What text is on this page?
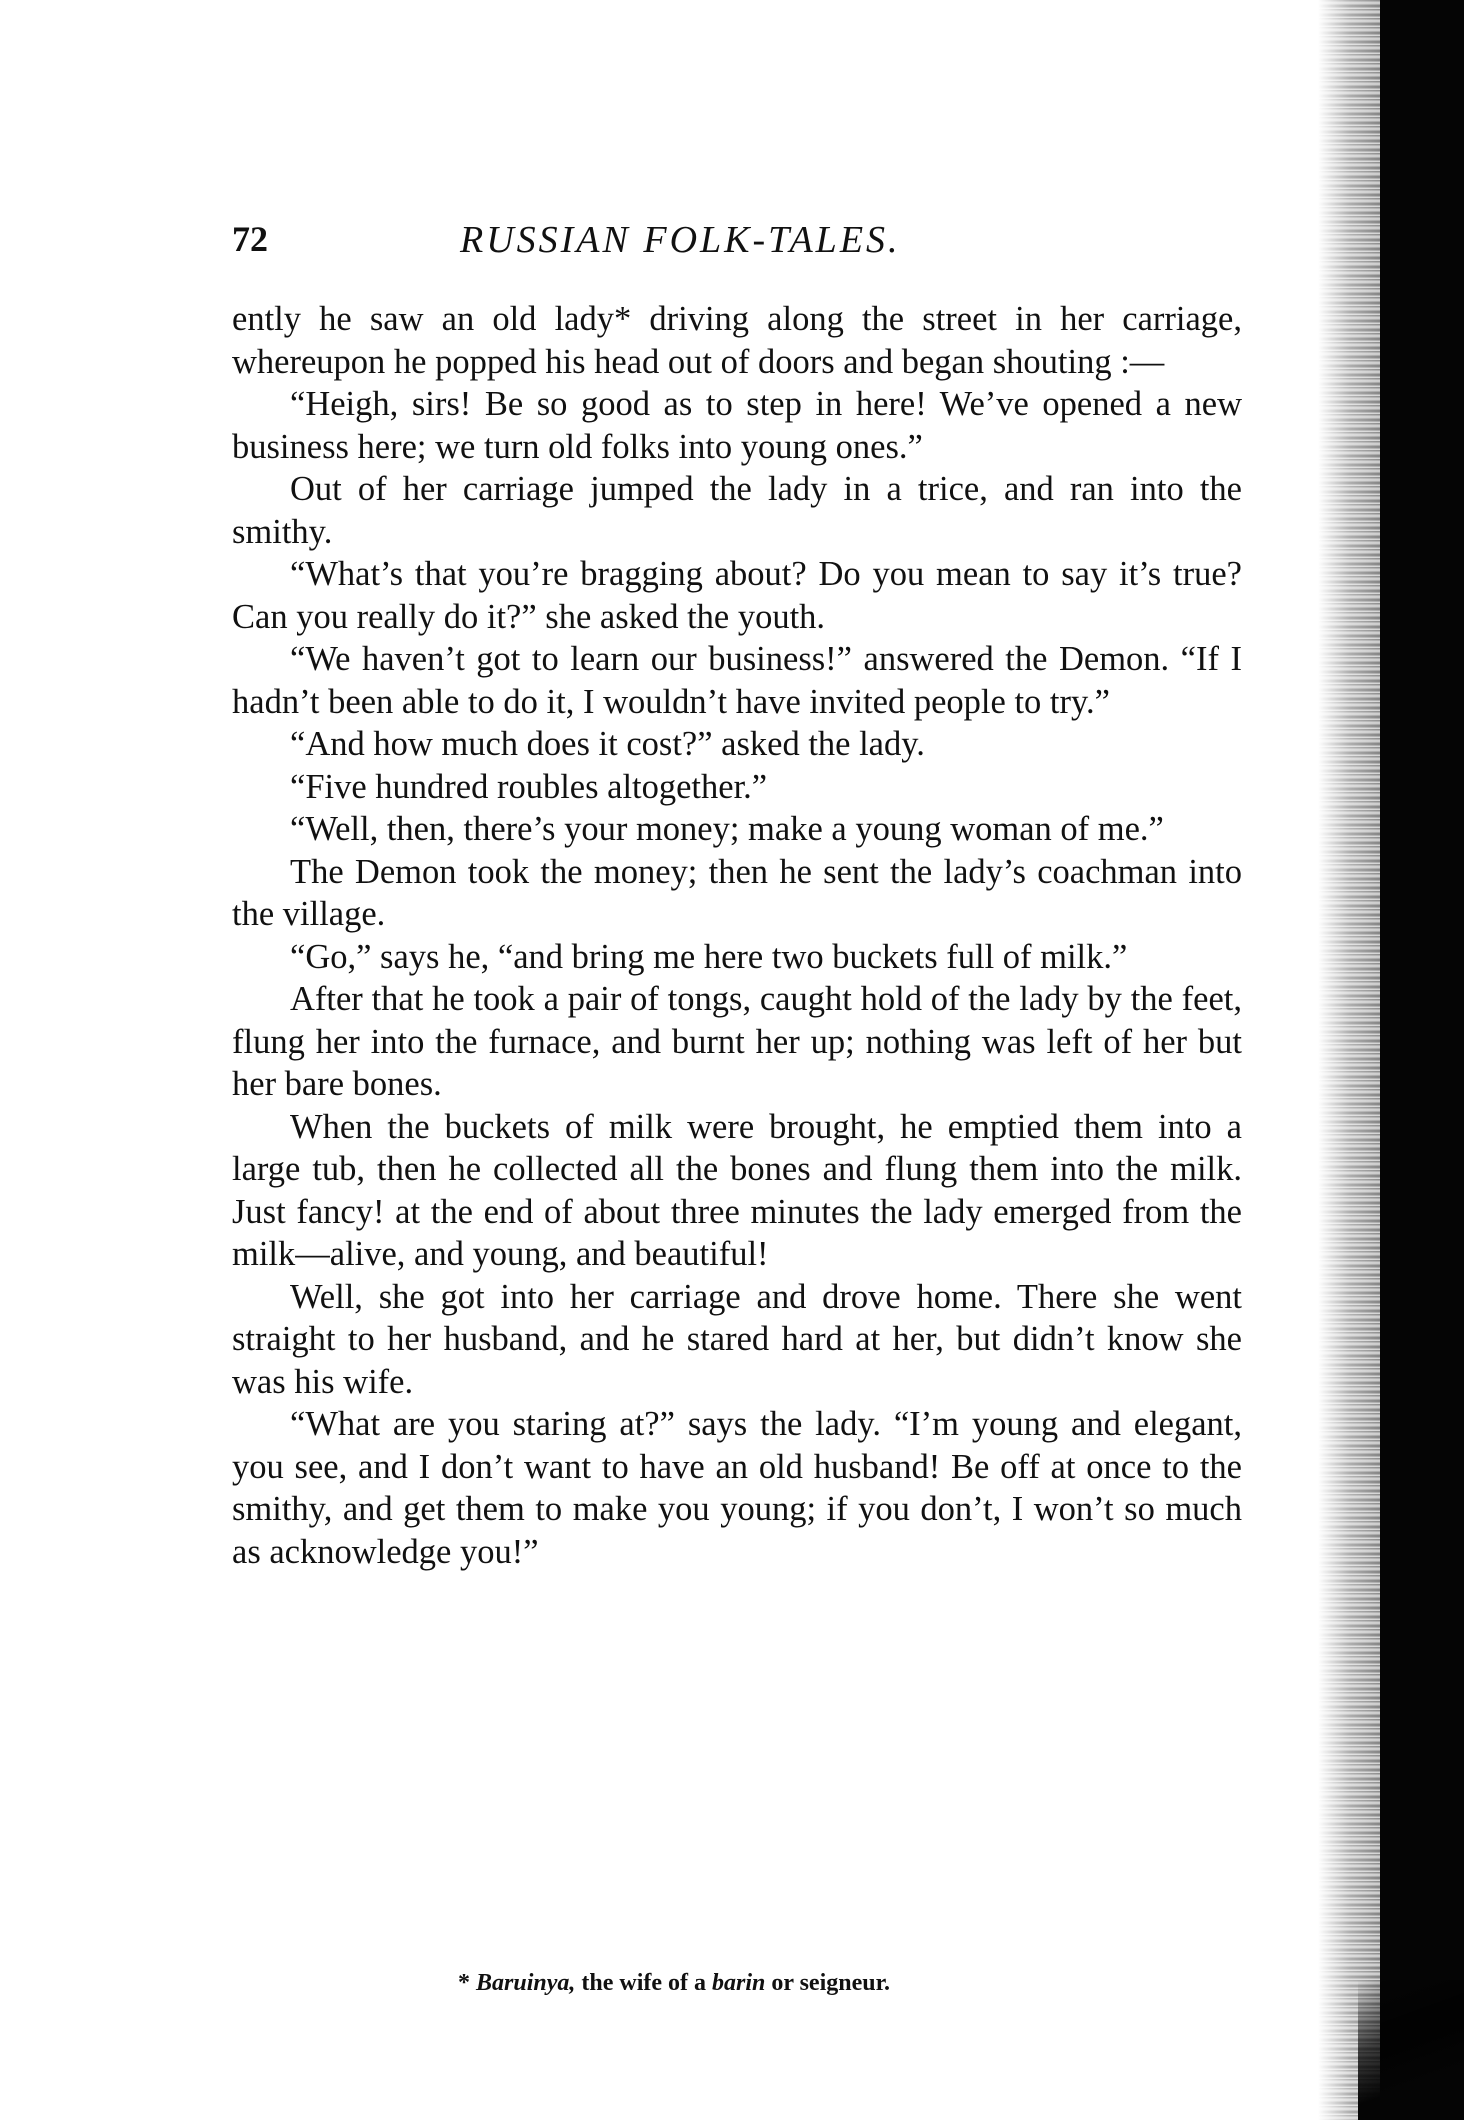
72	RUSSIAN FOLK-TALES.

ently he saw an old lady* driving along the street in her carriage, whereupon he popped his head out of doors and began shouting :—

“Heigh, sirs! Be so good as to step in here! We’ve opened a new business here; we turn old folks into young ones.”

Out of her carriage jumped the lady in a trice, and ran into the smithy.

“What’s that you’re bragging about? Do you mean to say it’s true? Can you really do it?” she asked the youth.

“We haven’t got to learn our business!” answered the Demon. “If I hadn’t been able to do it, I wouldn’t have invited people to try.”

“And how much does it cost?” asked the lady.

“Five hundred roubles altogether.”

“Well, then, there’s your money; make a young woman of me.”

The Demon took the money; then he sent the lady’s coachman into the village.

“Go,” says he, “and bring me here two buckets full of milk.”

After that he took a pair of tongs, caught hold of the lady by the feet, flung her into the furnace, and burnt her up; nothing was left of her but her bare bones.

When the buckets of milk were brought, he emptied them into a large tub, then he collected all the bones and flung them into the milk. Just fancy! at the end of about three minutes the lady emerged from the milk—alive, and young, and beautiful!

Well, she got into her carriage and drove home. There she went straight to her husband, and he stared hard at her, but didn’t know she was his wife.

“What are you staring at?” says the lady. “I’m young and elegant, you see, and I don’t want to have an old husband! Be off at once to the smithy, and get them to make you young; if you don’t, I won’t so much as acknowledge you!”

* Baruinya, the wife of a barin or seigneur.
